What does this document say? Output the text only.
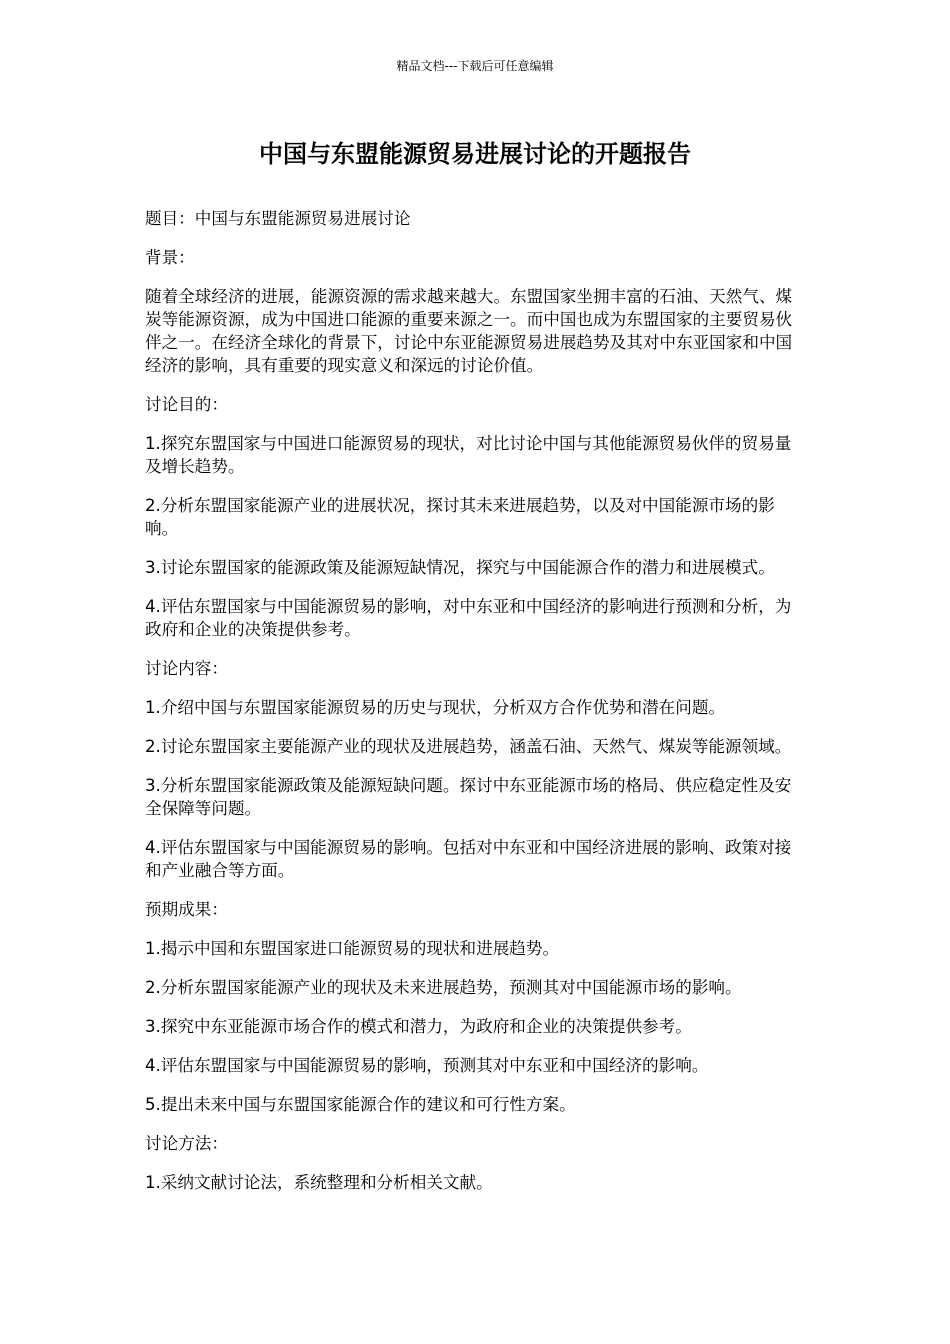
精品文档---下载后可任意编辑
中国与东盟能源贸易进展讨论的开题报告

题目：中国与东盟能源贸易进展讨论

背景：

随着全球经济的进展，能源资源的需求越来越大。东盟国家坐拥丰富的石油、天然气、煤炭等能源资源，成为中国进口能源的重要来源之一。而中国也成为东盟国家的主要贸易伙伴之一。在经济全球化的背景下，讨论中东亚能源贸易进展趋势及其对中东亚国家和中国经济的影响，具有重要的现实意义和深远的讨论价值。

讨论目的：

1.探究东盟国家与中国进口能源贸易的现状，对比讨论中国与其他能源贸易伙伴的贸易量及增长趋势。

2.分析东盟国家能源产业的进展状况，探讨其未来进展趋势，以及对中国能源市场的影响。

3.讨论东盟国家的能源政策及能源短缺情况，探究与中国能源合作的潜力和进展模式。

4.评估东盟国家与中国能源贸易的影响，对中东亚和中国经济的影响进行预测和分析，为政府和企业的决策提供参考。

讨论内容：

1.介绍中国与东盟国家能源贸易的历史与现状，分析双方合作优势和潜在问题。

2.讨论东盟国家主要能源产业的现状及进展趋势，涵盖石油、天然气、煤炭等能源领域。

3.分析东盟国家能源政策及能源短缺问题。探讨中东亚能源市场的格局、供应稳定性及安全保障等问题。

4.评估东盟国家与中国能源贸易的影响。包括对中东亚和中国经济进展的影响、政策对接和产业融合等方面。

预期成果：

1.揭示中国和东盟国家进口能源贸易的现状和进展趋势。

2.分析东盟国家能源产业的现状及未来进展趋势，预测其对中国能源市场的影响。

3.探究中东亚能源市场合作的模式和潜力，为政府和企业的决策提供参考。

4.评估东盟国家与中国能源贸易的影响，预测其对中东亚和中国经济的影响。

5.提出未来中国与东盟国家能源合作的建议和可行性方案。

讨论方法：

1.采纳文献讨论法，系统整理和分析相关文献。
